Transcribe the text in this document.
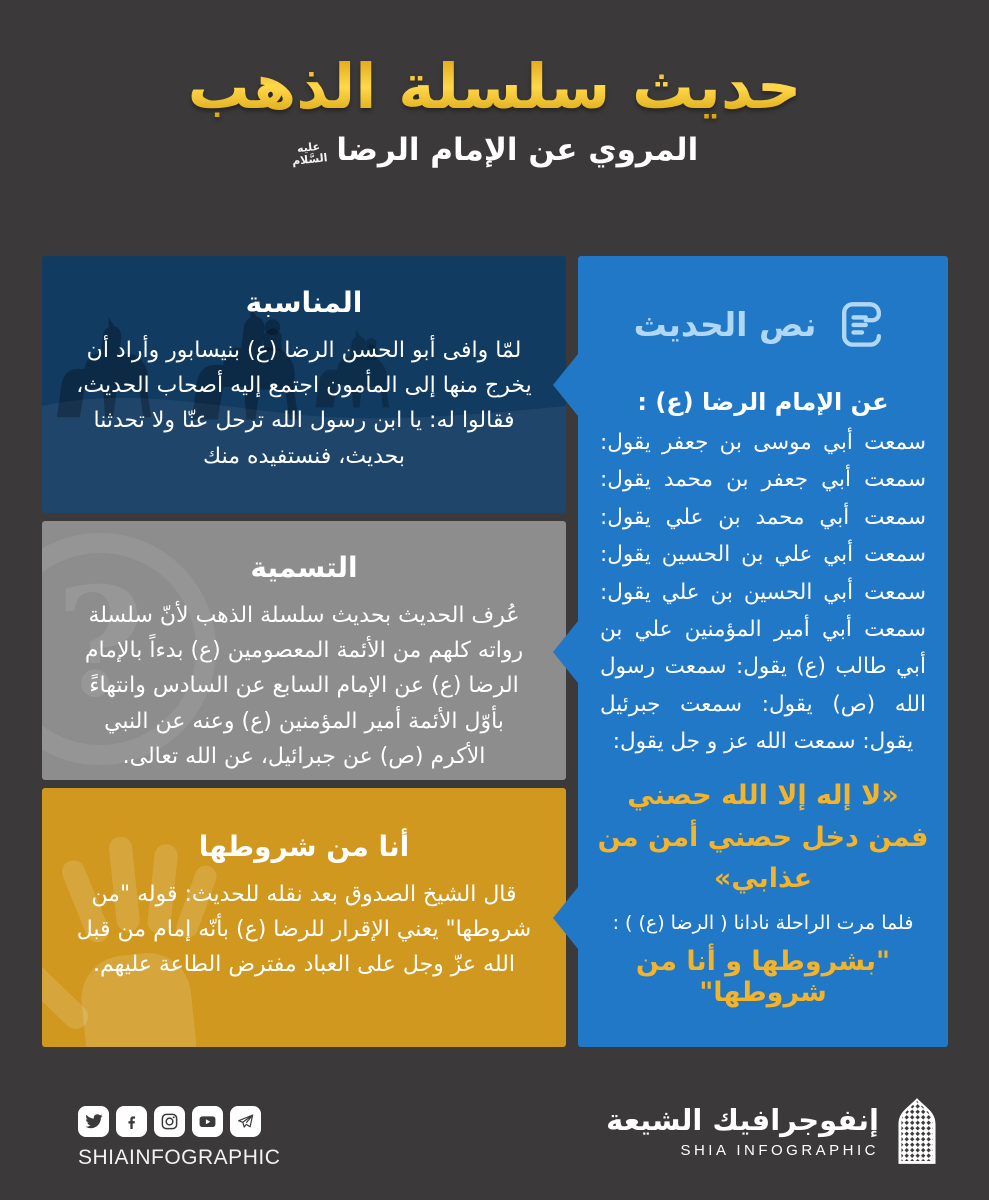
حديث سلسلة الذهب
المروي عن الإمام الرضا
عليه
السَّلام
المناسبة

لمّا وافى أبو الحسن الرضا (ع) بنيسابور وأراد أن يخرج منها إلى المأمون اجتمع إليه أصحاب الحديث، فقالوا له: يا ابن رسول الله ترحل عنّا ولا تحدثنا بحديث، فنستفيده منك

?	التسمية

عُرف الحديث بحديث سلسلة الذهب لأنّ سلسلة رواته كلهم من الأئمة المعصومين (ع) بدءاً بالإمام الرضا (ع) عن الإمام السابع عن السادس وانتهاءً بأوّل الأئمة أمير المؤمنين (ع) وعنه عن النبي الأكرم (ص) عن جبرائيل، عن الله تعالى.

أنا من شروطها

قال الشيخ الصدوق بعد نقله للحديث: قوله "من شروطها" يعني الإقرار للرضا (ع) بأنّه إمام من قبل الله عزّ وجل على العباد مفترض الطاعة عليهم.

نص الحديث

عن الإمام الرضا (ع) :

سمعت أبي موسى بن جعفر يقول: سمعت أبي جعفر بن محمد يقول: سمعت أبي محمد بن علي يقول: سمعت أبي علي بن الحسين يقول: سمعت أبي الحسين بن علي يقول: سمعت أبي أمير المؤمنين علي بن أبي طالب (ع) يقول: سمعت رسول الله (ص) يقول: سمعت جبرئيل يقول: سمعت الله عز و جل يقول:

«لا إله إلا الله حصني فمن دخل حصني أمن من عذابي»

فلما مرت الراحلة نادانا ( الرضا (ع) ) :

"بشروطها و أنا من شروطها"

SHIAINFOGRAPHIC
إنفوجرافيك الشيعة
SHIA INFOGRAPHIC
